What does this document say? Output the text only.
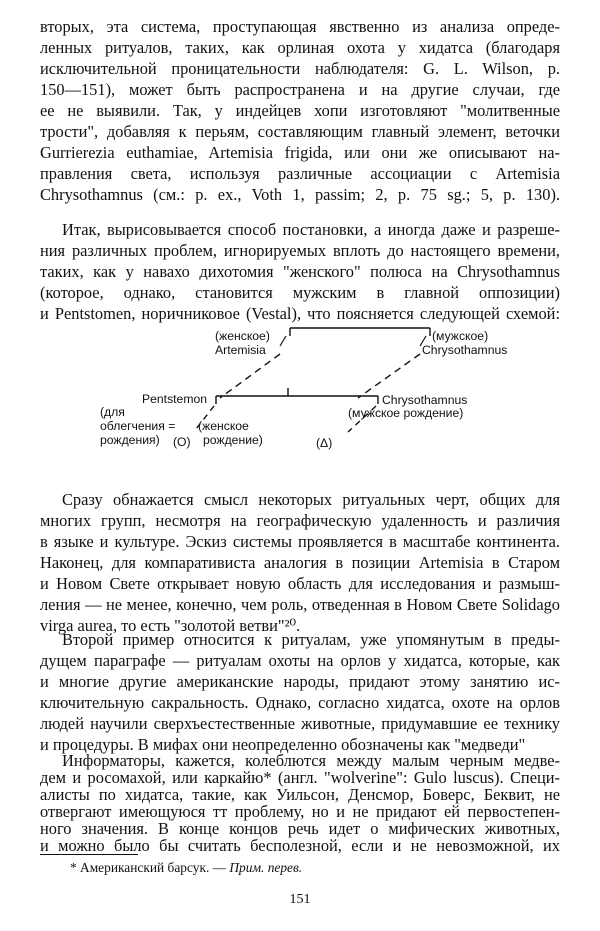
вторых, эта система, проступающая явственно из анализа опреде-
ленных ритуалов, таких, как орлиная охота у хидатса (благодаря
исключительной проницательности наблюдателя: G. L. Wilson, p.
150—151), может быть распространена и на другие случаи, где
ее не выявили. Так, у индейцев хопи изготовляют "молитвенные
трости", добавляя к перьям, составляющим главный элемент, веточки
Gurrierezia euthamiae, Artemisia frigida, или они же описывают на-
правления света, используя различные ассоциации с Artemisia
Chrysothamnus (см.: p. ex., Voth 1, passim; 2, p. 75 sg.; 5, p. 130).
Итак, вырисовывается способ постановки, а иногда даже и разреше-
ния различных проблем, игнорируемых вплоть до настоящего времени,
таких, как у навахо дихотомия "женского" полюса на Chrysothamnus
(которое, однако, становится мужским в главной оппозиции)
и Pentstomen, норичниковое (Vestal), что поясняется следующей схемой:
(женское)
Artemisia
(мужское)
Chrysothamnus
Pentstemon
(для
облегчения =
рождения) (O)
(женское
рождение)
Chrysothamnus
(мужское рождение)
(Δ)
Сразу обнажается смысл некоторых ритуальных черт, общих для
многих групп, несмотря на географическую удаленность и различия
в языке и культуре. Эскиз системы проявляется в масштабе континента.
Наконец, для компаративиста аналогия в позиции Artemisia в Старом
и Новом Свете открывает новую область для исследования и размыш-
ления — не менее, конечно, чем роль, отведенная в Новом Свете Solidago
virga aurea, то есть "золотой ветви"²⁰.
Второй пример относится к ритуалам, уже упомянутым в преды-
дущем параграфе — ритуалам охоты на орлов у хидатса, которые, как
и многие другие американские народы, придают этому занятию ис-
ключительную сакральность. Однако, согласно хидатса, охоте на орлов
людей научили сверхъестественные животные, придумавшие ее технику
и процедуры. В мифах они неопределенно обозначены как "медведи"
Информаторы, кажется, колеблются между малым черным медве-
дем и росомахой, или каркайю* (англ. "wolverine": Gulo luscus). Специ-
алисты по хидатса, такие, как Уильсон, Денсмор, Боверс, Беквит, не
отвергают имеющуюся тт проблему, но и не придают ей первостепен-
ного значения. В конце концов речь идет о мифических животных,
* Американский барсук. — Прим. перев.
151
и можно было бы считать бесполезной, если и не невозможной, их
